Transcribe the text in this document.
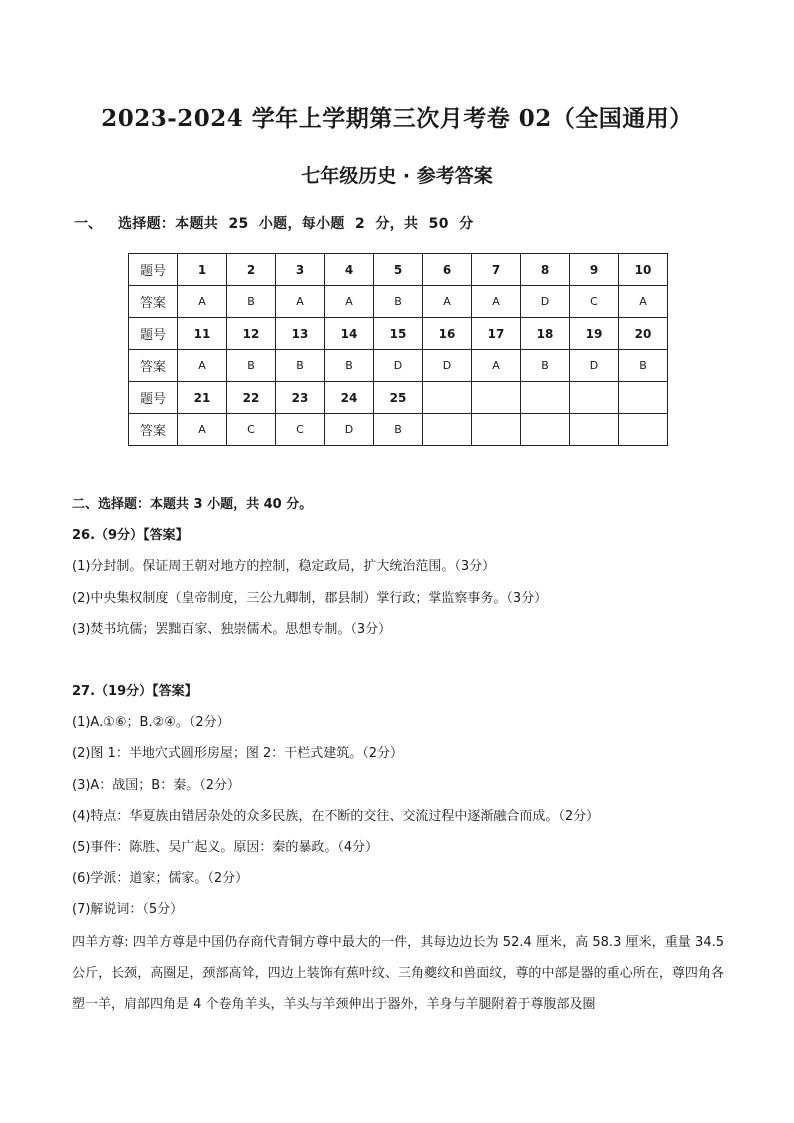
2023-2024 学年上学期第三次月考卷 02（全国通用）
七年级历史 · 参考答案
一、 选择题：本题共  25  小题，每小题  2  分，共  50  分
题号	1	2	3	4	5	6	7	8	9	10
答案	A	B	A	A	B	A	A	D	C	A
题号	11	12	13	14	15	16	17	18	19	20
答案	A	B	B	B	D	D	A	B	D	B
题号	21	22	23	24	25					
答案	A	C	C	D	B					
二、选择题：本题共 3 小题，共 40 分。
26.（9分）【答案】
(1)分封制。保证周王朝对地方的控制，稳定政局，扩大统治范围。（3分）
(2)中央集权制度（皇帝制度，三公九卿制，郡县制）掌行政；掌监察事务。（3分）
(3)焚书坑儒；罢黜百家、独崇儒术。思想专制。（3分）
27.（19分）【答案】
(1)A.①⑥；B.②④。（2分）
(2)图 1：半地穴式圆形房屋；图 2：干栏式建筑。（2分）
(3)A：战国；B：秦。（2分）
(4)特点：华夏族由错居杂处的众多民族，在不断的交往、交流过程中逐渐融合而成。（2分）
(5)事件：陈胜、吴广起义。原因：秦的暴政。（4分）
(6)学派：道家；儒家。（2分）
(7)解说词：（5分）
四羊方尊: 四羊方尊是中国仍存商代青铜方尊中最大的一件，其每边边长为 52.4 厘米，高 58.3 厘米，重量 34.5 公斤，长颈，高圈足，颈部高耸，四边上装饰有蕉叶纹、三角夔纹和兽面纹，尊的中部是器的重心所在，尊四角各塑一羊，肩部四角是 4 个卷角羊头，羊头与羊颈伸出于器外，羊身与羊腿附着于尊腹部及圈
